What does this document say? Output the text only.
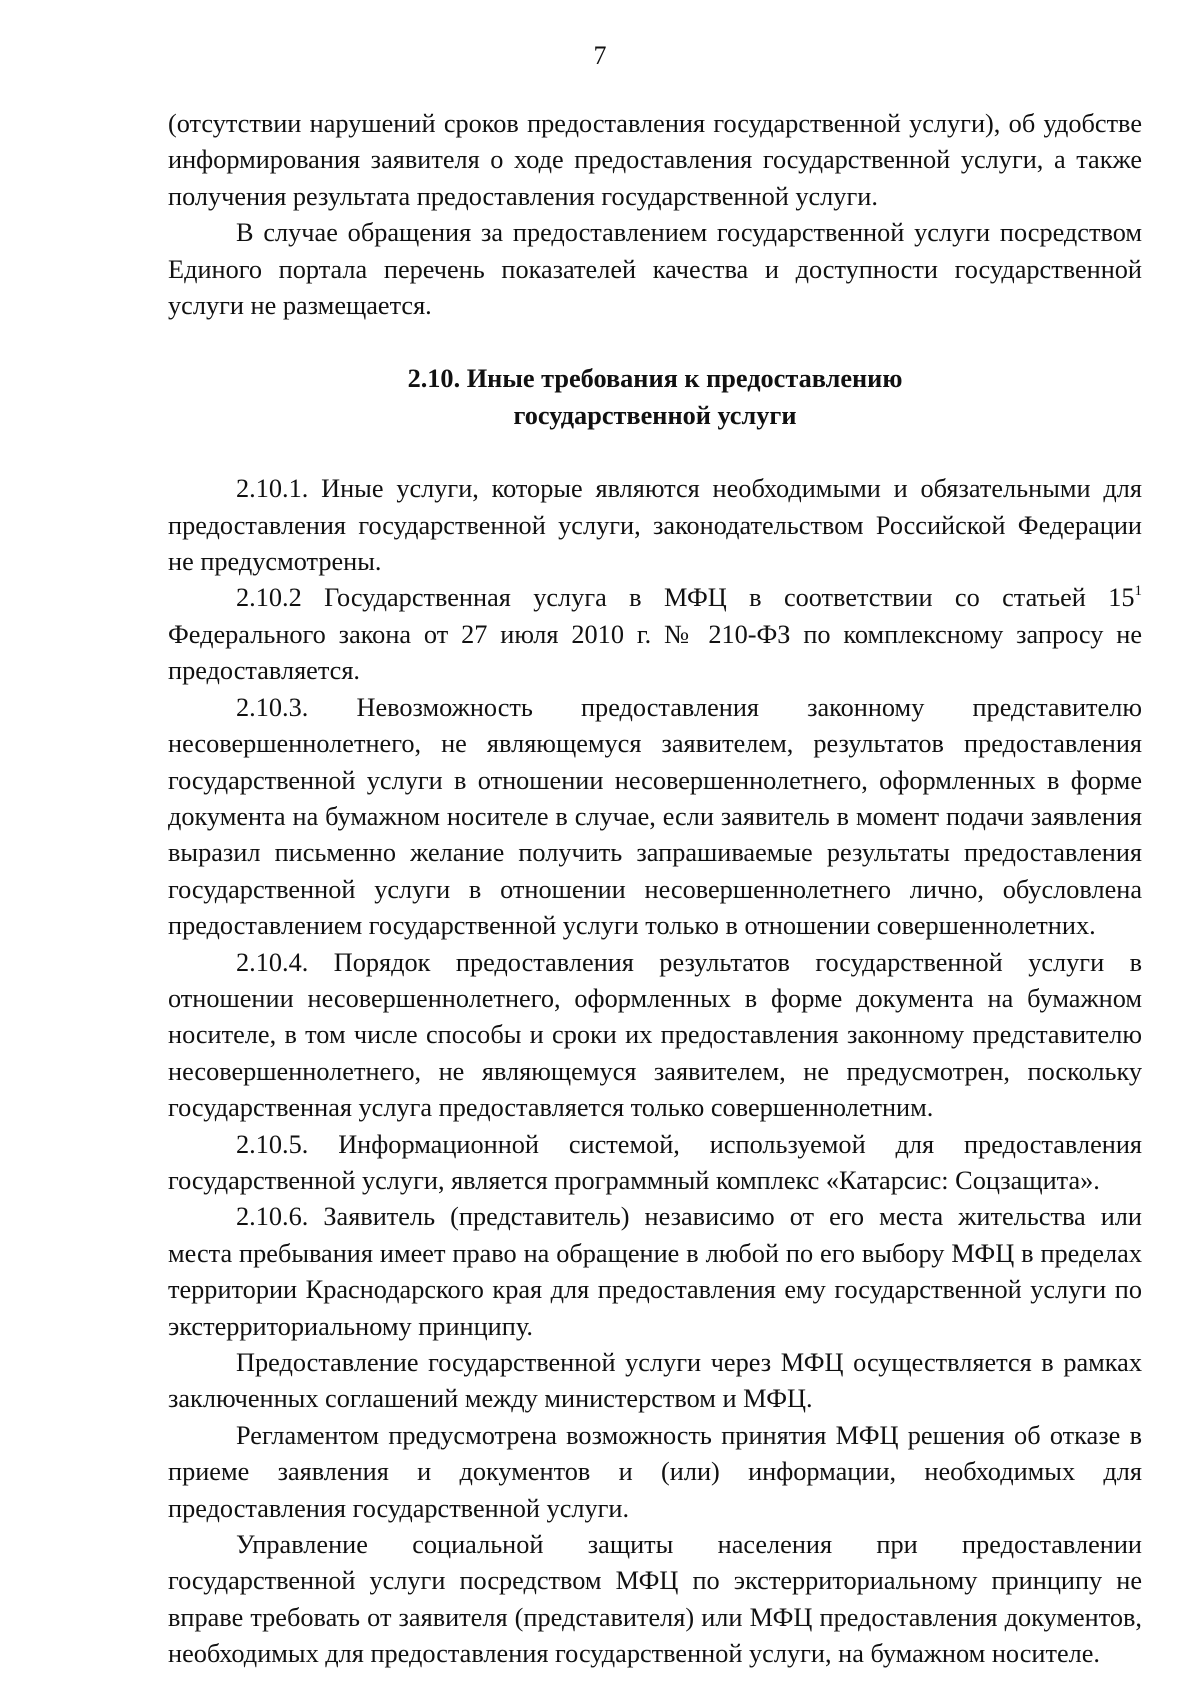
7

(отсутствии нарушений сроков предоставления государственной услуги), об удобстве информирования заявителя о ходе предоставления государственной услуги, а также получения результата предоставления государственной услуги.

В случае обращения за предоставлением государственной услуги посредством Единого портала перечень показателей качества и доступности государственной услуги не размещается.

2.10. Иные требования к предоставлению
государственной услуги

2.10.1. Иные услуги, которые являются необходимыми и обязательными для предоставления государственной услуги, законодательством Российской Федерации не предусмотрены.

2.10.2 Государственная услуга в МФЦ в соответствии со статьей $15^1$ Федерального закона от 27 июля 2010 г. № 210-ФЗ по комплексному запросу не предоставляется.

2.10.3. Невозможность предоставления законному представителю несовершеннолетнего, не являющемуся заявителем, результатов предоставления государственной услуги в отношении несовершеннолетнего, оформленных в форме документа на бумажном носителе в случае, если заявитель в момент подачи заявления выразил письменно желание получить запрашиваемые результаты предоставления государственной услуги в отношении несовершеннолетнего лично, обусловлена предоставлением государственной услуги только в отношении совершеннолетних.

2.10.4. Порядок предоставления результатов государственной услуги в отношении несовершеннолетнего, оформленных в форме документа на бумажном носителе, в том числе способы и сроки их предоставления законному представителю несовершеннолетнего, не являющемуся заявителем, не предусмотрен, поскольку государственная услуга предоставляется только совершеннолетним.

2.10.5. Информационной системой, используемой для предоставления государственной услуги, является программный комплекс «Катарсис: Соцзащита».

2.10.6. Заявитель (представитель) независимо от его места жительства или места пребывания имеет право на обращение в любой по его выбору МФЦ в пределах территории Краснодарского края для предоставления ему государственной услуги по экстерриториальному принципу.

Предоставление государственной услуги через МФЦ осуществляется в рамках заключенных соглашений между министерством и МФЦ.

Регламентом предусмотрена возможность принятия МФЦ решения об отказе в приеме заявления и документов и (или) информации, необходимых для предоставления государственной услуги.

Управление социальной защиты населения при предоставлении государственной услуги посредством МФЦ по экстерриториальному принципу не вправе требовать от заявителя (представителя) или МФЦ предоставления документов, необходимых для предоставления государственной услуги, на бумажном носителе.
